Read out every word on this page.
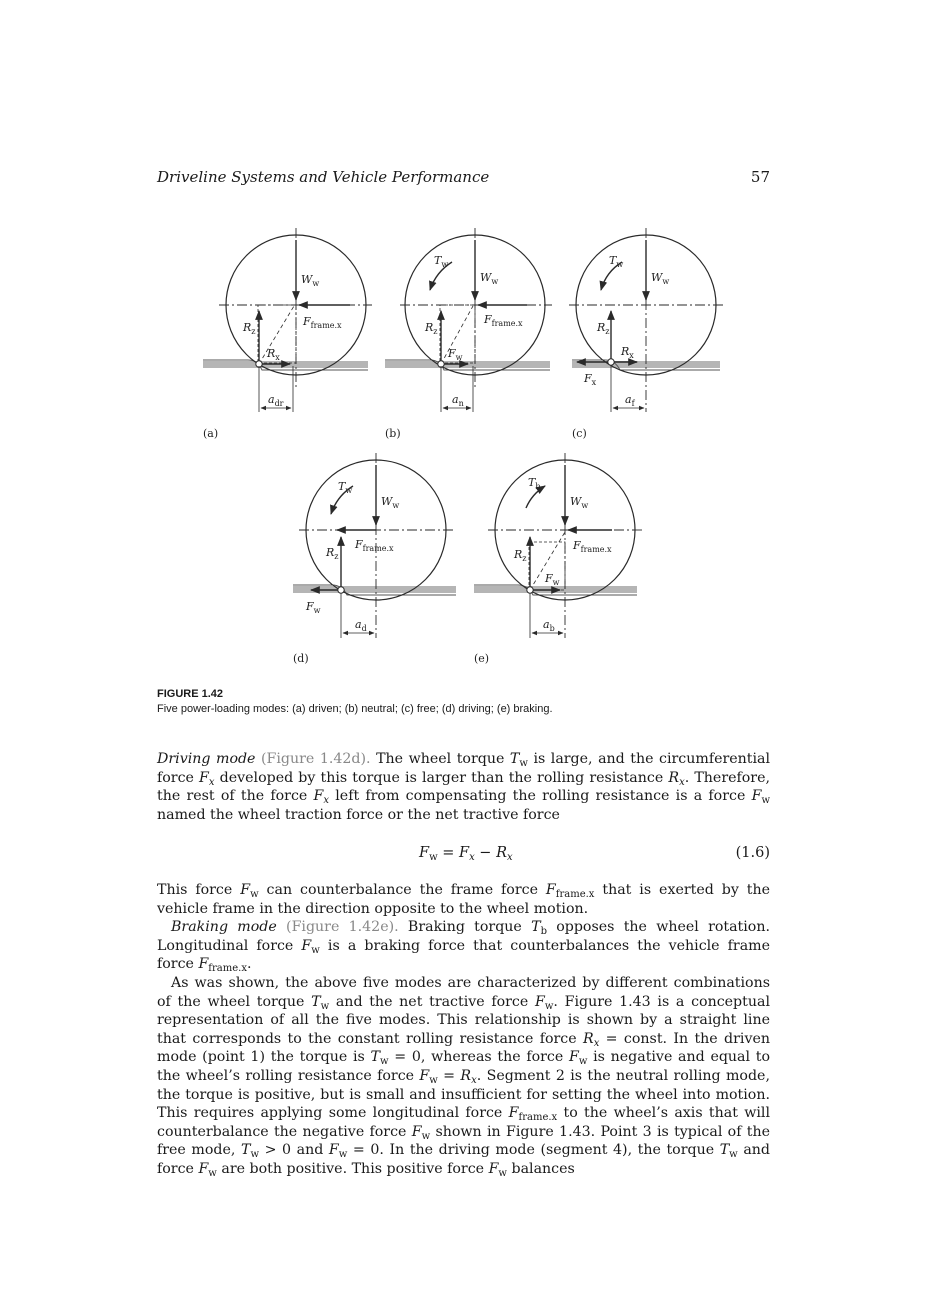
Driveline Systems and Vehicle Performance	57
$W_w$
$F_{frame.x}$
$R_z$
$R_x$
$a_{dr}$
(a)
$T_w$
$W_w$
$F_{frame.x}$
$R_z$
$F_w$
$a_n$
(b)
$T_w$
$W_w$
$R_z$
$R_x$
$F_x$
$a_f$
(c)
$T_w$
$W_w$
$F_{frame.x}$
$R_z$
$F_w$
$a_d$
(d)
$T_b$
$W_w$
$F_{frame.x}$
$R_z$
$F_w$
$a_b$
(e)
FIGURE 1.42
Five power-loading modes: (a) driven; (b) neutral; (c) free; (d) driving; (e) braking.

Driving mode (Figure 1.42d). The wheel torque $T_w$ is large, and the circumferential force $F_x$ developed by this torque is larger than the rolling resistance $R_x$. Therefore, the rest of the force $F_x$ left from compensating the rolling resistance is a force $F_w$ named the wheel traction force or the net tractive force

$F_w = F_x - R_x$	(1.6)

This force $F_w$ can counterbalance the frame force $F_{frame.x}$ that is exerted by the vehicle frame in the direction opposite to the wheel motion.

Braking mode (Figure 1.42e). Braking torque $T_b$ opposes the wheel rotation. Longitudinal force $F_w$ is a braking force that counterbalances the vehicle frame force $F_{frame.x}$.

As was shown, the above five modes are characterized by different combinations of the wheel torque $T_w$ and the net tractive force $F_w$. Figure 1.43 is a conceptual representation of all the five modes. This relationship is shown by a straight line that corresponds to the constant rolling resistance force $R_x$ = const. In the driven mode (point 1) the torque is $T_w = 0$, whereas the force $F_w$ is negative and equal to the wheel’s rolling resistance force $F_w = R_x$. Segment 2 is the neutral rolling mode, the torque is positive, but is small and insufficient for setting the wheel into motion. This requires applying some longitudinal force $F_{frame.x}$ to the wheel’s axis that will counterbalance the negative force $F_w$ shown in Figure 1.43. Point 3 is typical of the free mode, $T_w > 0$ and $F_w = 0$. In the driving mode (segment 4), the torque $T_w$ and force $F_w$ are both positive. This positive force $F_w$ balances
